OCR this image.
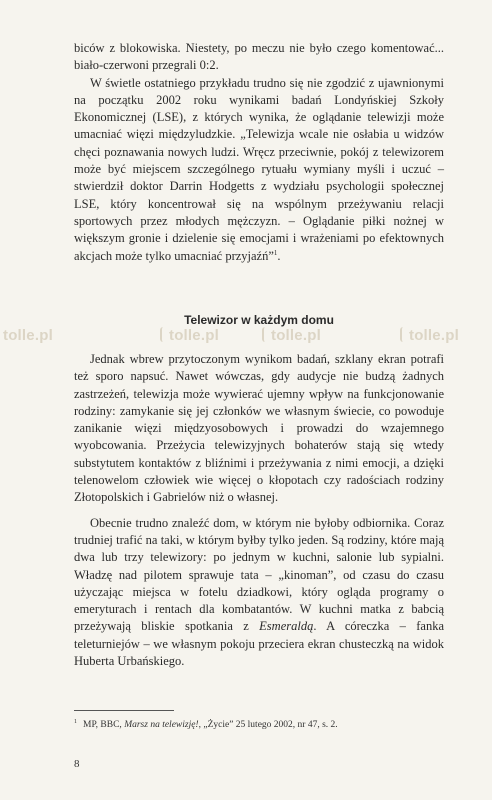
biców z blokowiska. Niestety, po meczu nie było czego komentować... biało-czerwoni przegrali 0:2.

W świetle ostatniego przykładu trudno się nie zgodzić z ujawnionymi na początku 2002 roku wynikami badań Londyńskiej Szkoły Ekonomicznej (LSE), z których wynika, że oglądanie telewizji może umacniać więzi międzyludzkie. „Telewizja wcale nie osłabia u widzów chęci poznawania nowych ludzi. Wręcz przeciwnie, pokój z telewizorem może być miejscem szczególnego rytuału wymiany myśli i uczuć – stwierdził doktor Darrin Hodgetts z wydziału psychologii społecznej LSE, który koncentrował się na wspólnym przeżywaniu relacji sportowych przez młodych mężczyzn. – Oglądanie piłki nożnej w większym gronie i dzielenie się emocjami i wrażeniami po efektownych akcjach może tylko umacniać przyjaźń”$^1$.

Telewizor w każdym domu
tolle.pl	tolle.pl	tolle.pl	tolle.pl

Jednak wbrew przytoczonym wynikom badań, szklany ekran potrafi też sporo napsuć. Nawet wówczas, gdy audycje nie budzą żadnych zastrzeżeń, telewizja może wywierać ujemny wpływ na funkcjonowanie rodziny: zamykanie się jej członków we własnym świecie, co powoduje zanikanie więzi międzyosobowych i prowadzi do wzajemnego wyobcowania. Przeżycia telewizyjnych bohaterów stają się wtedy substytutem kontaktów z bliźnimi i przeżywania z nimi emocji, a dzięki telenowelom człowiek wie więcej o kłopotach czy radościach rodziny Złotopolskich i Gabrielów niż o własnej.

Obecnie trudno znaleźć dom, w którym nie byłoby odbiornika. Coraz trudniej trafić na taki, w którym byłby tylko jeden. Są rodziny, które mają dwa lub trzy telewizory: po jednym w kuchni, salonie lub sypialni. Władzę nad pilotem sprawuje tata – „kinoman”, od czasu do czasu użyczając miejsca w fotelu dziadkowi, który ogląda programy o emeryturach i rentach dla kombatantów. W kuchni matka z babcią przeżywają bliskie spotkania z Esmeraldą. A córeczka – fanka teleturniejów – we własnym pokoju przeciera ekran chusteczką na widok Huberta Urbańskiego.

$^1$ MP, BBC, Marsz na telewizję!, „Życie” 25 lutego 2002, nr 47, s. 2.
8
